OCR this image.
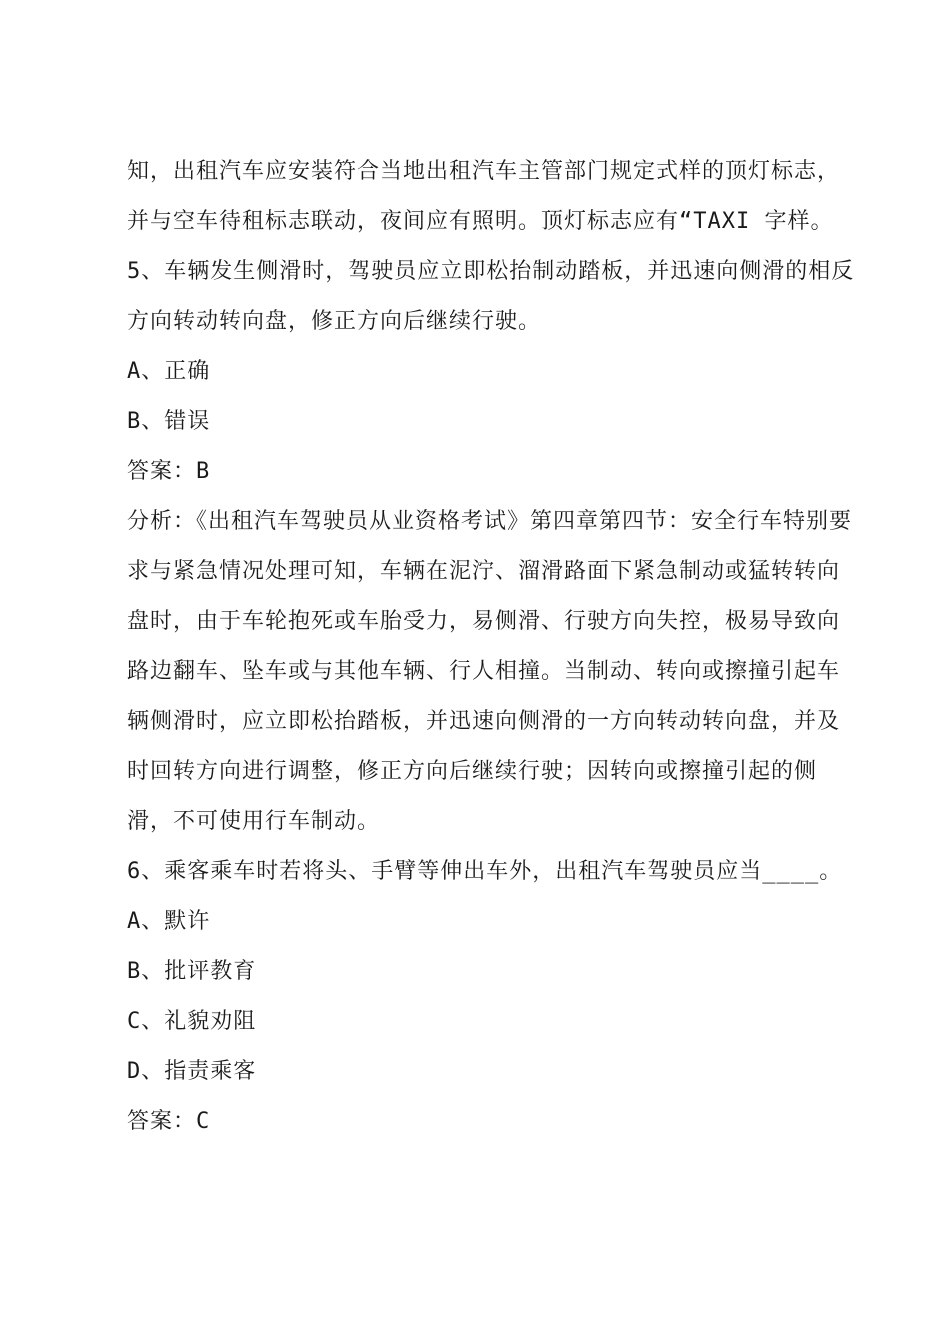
知，出租汽车应安装符合当地出租汽车主管部门规定式样的顶灯标志，并与空车待租标志联动，夜间应有照明。顶灯标志应有“TAXI 字样。

5、车辆发生侧滑时，驾驶员应立即松抬制动踏板，并迅速向侧滑的相反方向转动转向盘，修正方向后继续行驶。

A、正确

B、错误

答案：B

分析：《出租汽车驾驶员从业资格考试》第四章第四节：安全行车特别要求与紧急情况处理可知，车辆在泥泞、溜滑路面下紧急制动或猛转转向盘时，由于车轮抱死或车胎受力，易侧滑、行驶方向失控，极易导致向路边翻车、坠车或与其他车辆、行人相撞。当制动、转向或擦撞引起车辆侧滑时，应立即松抬踏板，并迅速向侧滑的一方向转动转向盘，并及时回转方向进行调整，修正方向后继续行驶；因转向或擦撞引起的侧滑，不可使用行车制动。

6、乘客乘车时若将头、手臂等伸出车外，出租汽车驾驶员应当____。

A、默许

B、批评教育

C、礼貌劝阻

D、指责乘客

答案：C
